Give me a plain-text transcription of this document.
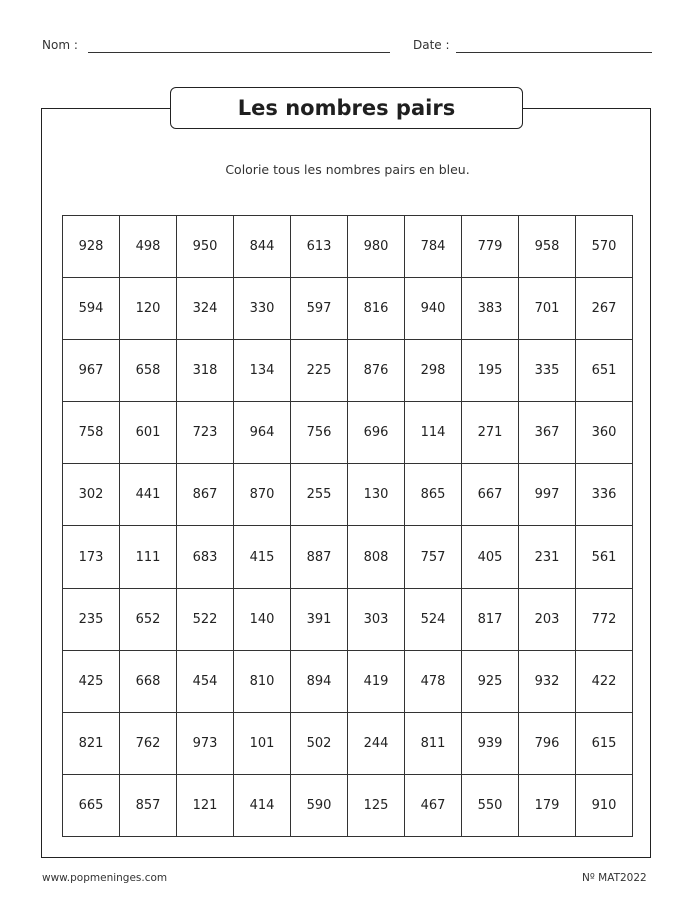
Nom :	Date :
Les nombres pairs
Colorie tous les nombres pairs en bleu.
928	498	950	844	613	980	784	779	958	570
594	120	324	330	597	816	940	383	701	267
967	658	318	134	225	876	298	195	335	651
758	601	723	964	756	696	114	271	367	360
302	441	867	870	255	130	865	667	997	336
173	111	683	415	887	808	757	405	231	561
235	652	522	140	391	303	524	817	203	772
425	668	454	810	894	419	478	925	932	422
821	762	973	101	502	244	811	939	796	615
665	857	121	414	590	125	467	550	179	910
www.popmeninges.com	Nº MAT2022
